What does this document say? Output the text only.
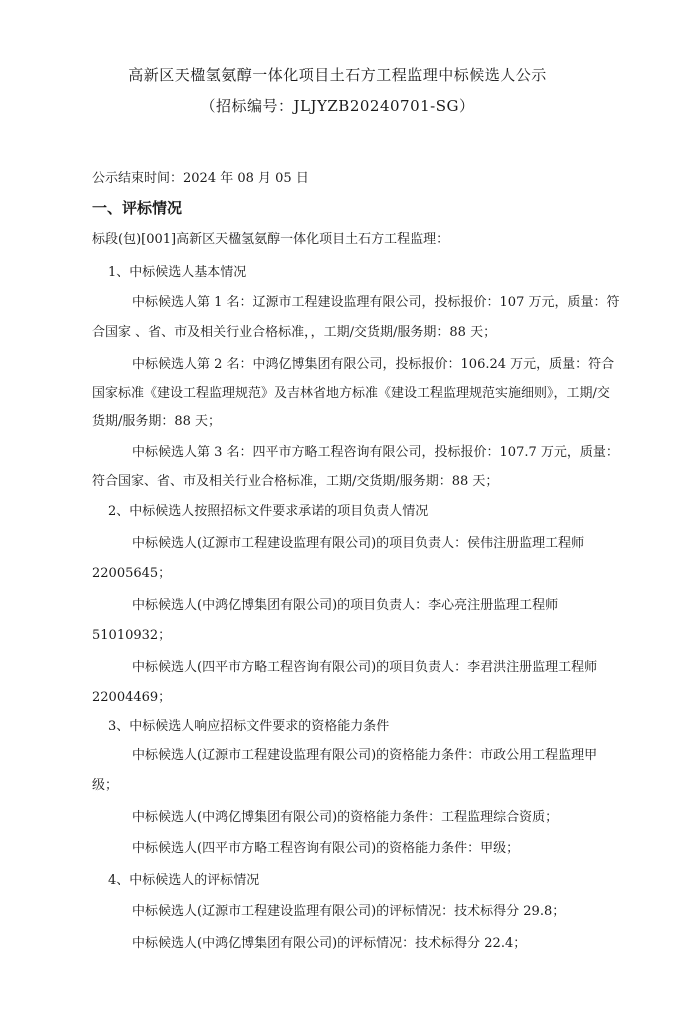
高新区天楹氢氨醇一体化项目土石方工程监理中标候选人公示
（招标编号：JLJYZB20240701-SG）
公示结束时间：2024 年 08 月 05 日
一、评标情况
标段(包)[001]高新区天楹氢氨醇一体化项目土石方工程监理：
1、中标候选人基本情况
中标候选人第 1 名：辽源市工程建设监理有限公司，投标报价：107 万元，质量：符
合国家 、省、市及相关行业合格标准，，工期/交货期/服务期：88 天；
中标候选人第 2 名：中鸿亿博集团有限公司，投标报价：106.24 万元，质量：符合
国家标准《建设工程监理规范》及吉林省地方标准《建设工程监理规范实施细则》，工期/交
货期/服务期：88 天；
中标候选人第 3 名：四平市方略工程咨询有限公司，投标报价：107.7 万元，质量：
符合国家、省、市及相关行业合格标准，工期/交货期/服务期：88 天；
2、中标候选人按照招标文件要求承诺的项目负责人情况
中标候选人(辽源市工程建设监理有限公司)的项目负责人：侯伟注册监理工程师
22005645；
中标候选人(中鸿亿博集团有限公司)的项目负责人：李心亮注册监理工程师
51010932；
中标候选人(四平市方略工程咨询有限公司)的项目负责人：李君洪注册监理工程师
22004469；
3、中标候选人响应招标文件要求的资格能力条件
中标候选人(辽源市工程建设监理有限公司)的资格能力条件：市政公用工程监理甲
级；
中标候选人(中鸿亿博集团有限公司)的资格能力条件：工程监理综合资质；
中标候选人(四平市方略工程咨询有限公司)的资格能力条件：甲级；
4、中标候选人的评标情况
中标候选人(辽源市工程建设监理有限公司)的评标情况：技术标得分 29.8；
中标候选人(中鸿亿博集团有限公司)的评标情况：技术标得分 22.4；
